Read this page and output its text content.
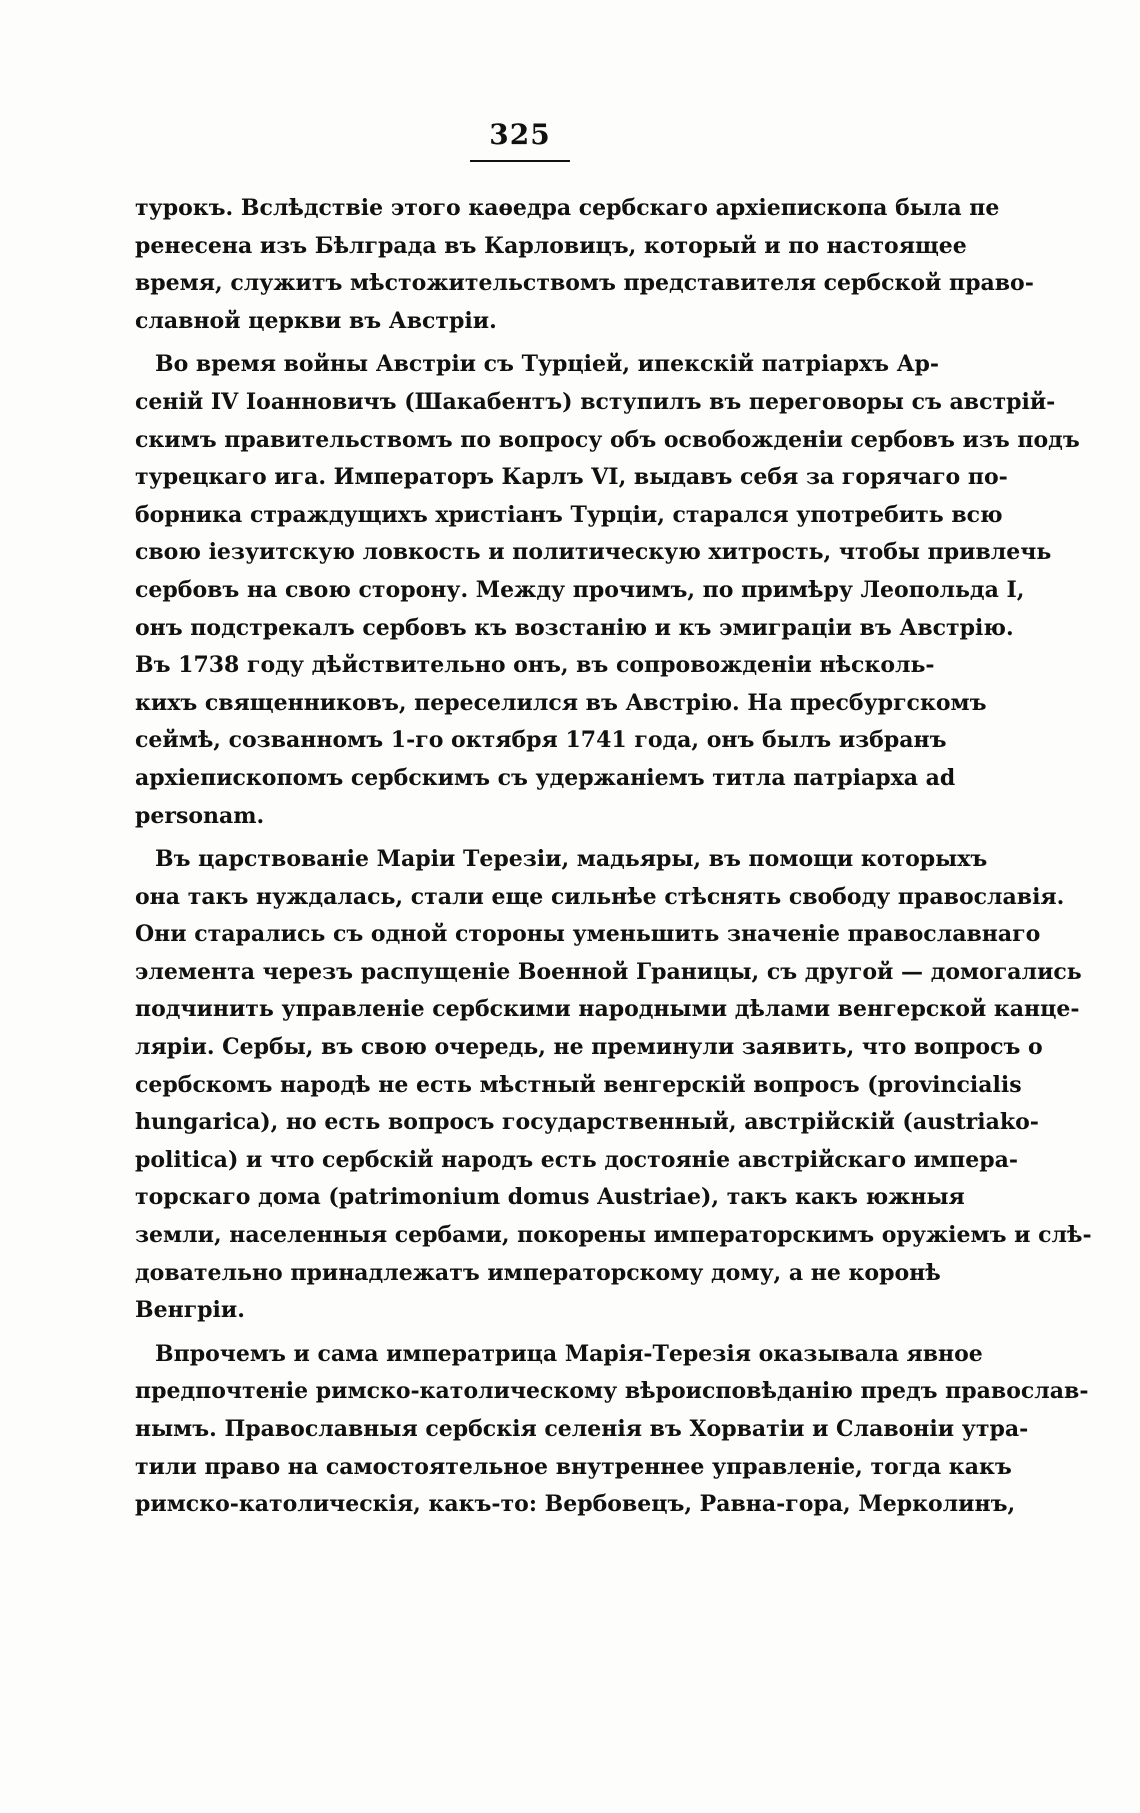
325
турокъ. Вслѣдствіе этого каѳедра сербскаго архіепископа была пе
ренесена изъ Бѣлграда въ Карловицъ, который и по настоящее
время, служитъ мѣстожительствомъ представителя сербской право-
славной церкви въ Австріи.
Во время войны Австріи съ Турціей, ипекскій патріархъ Ар-
сеній IV Іоанновичъ (Шакабентъ) вступилъ въ переговоры съ австрій-
скимъ правительствомъ по вопросу объ освобожденіи сербовъ изъ подъ
турецкаго ига. Императоръ Карлъ VI, выдавъ себя за горячаго по-
борника страждущихъ христіанъ Турціи, старался употребить всю
свою іезуитскую ловкость и политическую хитрость, чтобы привлечь
сербовъ на свою сторону. Между прочимъ, по примѣру Леопольда I,
онъ подстрекалъ сербовъ къ возстанію и къ эмиграціи въ Австрію.
Въ 1738 году дѣйствительно онъ, въ сопровожденіи нѣсколь-
кихъ священниковъ, переселился въ Австрію. На пресбургскомъ
сеймѣ, созванномъ 1-го октября 1741 года, онъ былъ избранъ
архіепископомъ сербскимъ съ удержаніемъ титла патріарха ad
personam.
Въ царствованіе Маріи Терезіи, мадьяры, въ помощи которыхъ
она такъ нуждалась, стали еще сильнѣе стѣснять свободу православія.
Они старались съ одной стороны уменьшить значеніе православнаго
элемента черезъ распущеніе Военной Границы, съ другой — домогались
подчинить управленіе сербскими народными дѣлами венгерской канце-
ляріи. Сербы, въ свою очередь, не преминули заявить, что вопросъ о
сербскомъ народѣ не есть мѣстный венгерскій вопросъ (provincialis
hungarica), но есть вопросъ государственный, австрійскій (austriako-
politica) и что сербскій народъ есть достояніе австрійскаго импера-
торскаго дома (patrimonium domus Austriae), такъ какъ южныя
земли, населенныя сербами, покорены императорскимъ оружіемъ и слѣ-
довательно принадлежатъ императорскому дому, а не коронѣ
Венгріи.
Впрочемъ и сама императрица Марія-Терезія оказывала явное
предпочтеніе римско-католическому вѣроисповѣданію предъ православ-
нымъ. Православныя сербскія селенія въ Хорватіи и Славоніи утра-
тили право на самостоятельное внутреннее управленіе, тогда какъ
римско-католическія, какъ-то: Вербовецъ, Равна-гора, Мерколинъ,
